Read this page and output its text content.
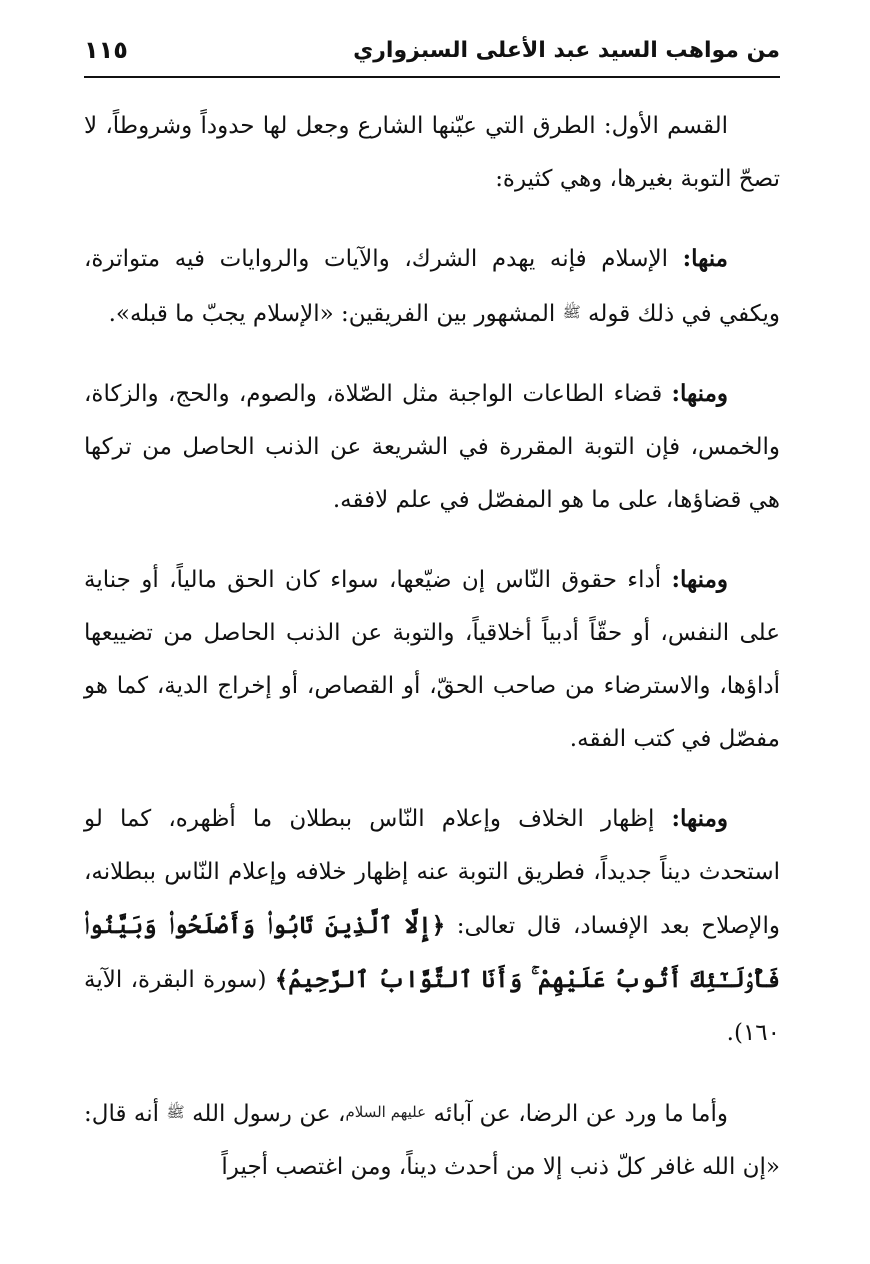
من مواهب السيد عبد الأعلى السبزواري
١١٥

القسم الأول: الطرق التي عيّنها الشارع وجعل لها حدوداً وشروطاً، لا تصحّ التوبة بغيرها، وهي كثيرة:

منها: الإسلام فإنه يهدم الشرك، والآيات والروايات فيه متواترة، ويكفي في ذلك قوله ﷺ المشهور بين الفريقين: «الإسلام يجبّ ما قبله».

ومنها: قضاء الطاعات الواجبة مثل الصّلاة، والصوم، والحج، والزكاة، والخمس، فإن التوبة المقررة في الشريعة عن الذنب الحاصل من تركها هي قضاؤها، على ما هو المفصّل في علم لافقه.

ومنها: أداء حقوق النّاس إن ضيّعها، سواء كان الحق مالياً، أو جناية على النفس، أو حقّاً أدبياً أخلاقياً، والتوبة عن الذنب الحاصل من تضييعها أداؤها، والاسترضاء من صاحب الحقّ، أو القصاص، أو إخراج الدية، كما هو مفصّل في كتب الفقه.

ومنها: إظهار الخلاف وإعلام النّاس ببطلان ما أظهره، كما لو استحدث ديناً جديداً، فطريق التوبة عنه إظهار خلافه وإعلام النّاس ببطلانه، والإصلاح بعد الإفساد، قال تعالى: ﴿إِلَّا ٱلَّذِينَ تَابُوا۟ وَأَصْلَحُوا۟ وَبَيَّنُوا۟ فَأُو۟لَـٰٓئِكَ أَتُوبُ عَلَيْهِمْ ۚ وَأَنَا ٱلتَّوَّابُ ٱلرَّحِيمُ﴾ (سورة البقرة، الآية ١٦٠).

وأما ما ورد عن الرضا، عن آبائه عليهم السلام، عن رسول الله ﷺ أنه قال: «إن الله غافر كلّ ذنب إلا من أحدث ديناً، ومن اغتصب أجيراً
